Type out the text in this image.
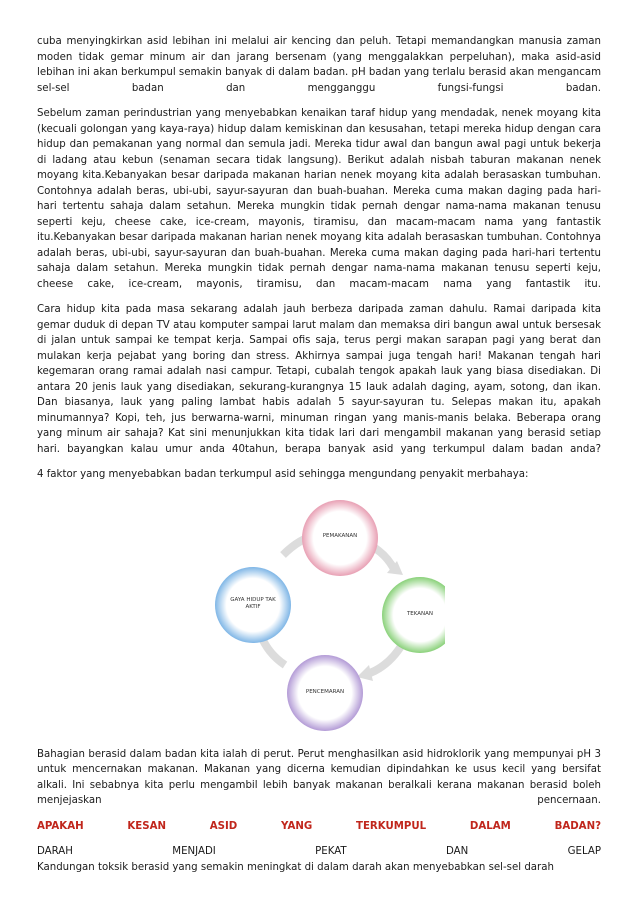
cuba menyingkirkan asid lebihan ini melalui air kencing dan peluh. Tetapi memandangkan manusia zaman moden tidak gemar minum air dan jarang bersenam (yang menggalakkan perpeluhan), maka asid-asid lebihan ini akan berkumpul semakin banyak di dalam badan. pH badan yang terlalu berasid akan mengancam sel-sel badan dan mengganggu fungsi-fungsi badan.

Sebelum zaman perindustrian yang menyebabkan kenaikan taraf hidup yang mendadak, nenek moyang kita (kecuali golongan yang kaya-raya) hidup dalam kemiskinan dan kesusahan, tetapi mereka hidup dengan cara hidup dan pemakanan yang normal dan semula jadi. Mereka tidur awal dan bangun awal pagi untuk bekerja di ladang atau kebun (senaman secara tidak langsung). Berikut adalah nisbah taburan makanan nenek moyang kita.Kebanyakan besar daripada makanan harian nenek moyang kita adalah berasaskan tumbuhan. Contohnya adalah beras, ubi-ubi, sayur-sayuran dan buah-buahan. Mereka cuma makan daging pada hari-hari tertentu sahaja dalam setahun. Mereka mungkin tidak pernah dengar nama-nama makanan tenusu seperti keju, cheese cake, ice-cream, mayonis, tiramisu, dan macam-macam nama yang fantastik itu.Kebanyakan besar daripada makanan harian nenek moyang kita adalah berasaskan tumbuhan. Contohnya adalah beras, ubi-ubi, sayur-sayuran dan buah-buahan. Mereka cuma makan daging pada hari-hari tertentu sahaja dalam setahun. Mereka mungkin tidak pernah dengar nama-nama makanan tenusu seperti keju, cheese cake, ice-cream, mayonis, tiramisu, dan macam-macam nama yang fantastik itu.

Cara hidup kita pada masa sekarang adalah jauh berbeza daripada zaman dahulu. Ramai daripada kita gemar duduk di depan TV atau komputer sampai larut malam dan memaksa diri bangun awal untuk bersesak di jalan untuk sampai ke tempat kerja. Sampai ofis saja, terus pergi makan sarapan pagi yang berat dan mulakan kerja pejabat yang boring dan stress. Akhirnya sampai juga tengah hari! Makanan tengah hari kegemaran orang ramai adalah nasi campur. Tetapi, cubalah tengok apakah lauk yang biasa disediakan. Di antara 20 jenis lauk yang disediakan, sekurang-kurangnya 15 lauk adalah daging, ayam, sotong, dan ikan. Dan biasanya, lauk yang paling lambat habis adalah 5 sayur-sayuran tu. Selepas makan itu, apakah minumannya? Kopi, teh, jus berwarna-warni, minuman ringan yang manis-manis belaka. Beberapa orang yang minum air sahaja? Kat sini menunjukkan kita tidak lari dari mengambil makanan yang berasid setiap hari. bayangkan kalau umur anda 40tahun, berapa banyak asid yang terkumpul dalam badan anda?

4 faktor yang menyebabkan badan terkumpul asid sehingga mengundang penyakit merbahaya:

PEMAKANAN
TEKANAN
PENCEMARAN
GAYA HIDUP TAK AKTIF

Bahagian berasid dalam badan kita ialah di perut. Perut menghasilkan asid hidroklorik yang mempunyai pH 3 untuk mencernakan makanan. Makanan yang dicerna kemudian dipindahkan ke usus kecil yang bersifat alkali. Ini sebabnya kita perlu mengambil lebih banyak makanan beralkali kerana makanan berasid boleh menjejaskan pencernaan.

APAKAH KESAN ASID YANG TERKUMPUL DALAM BADAN?

DARAH MENJADI PEKAT DAN GELAP

Kandungan toksik berasid yang semakin meningkat di dalam darah akan menyebabkan sel-sel darah
